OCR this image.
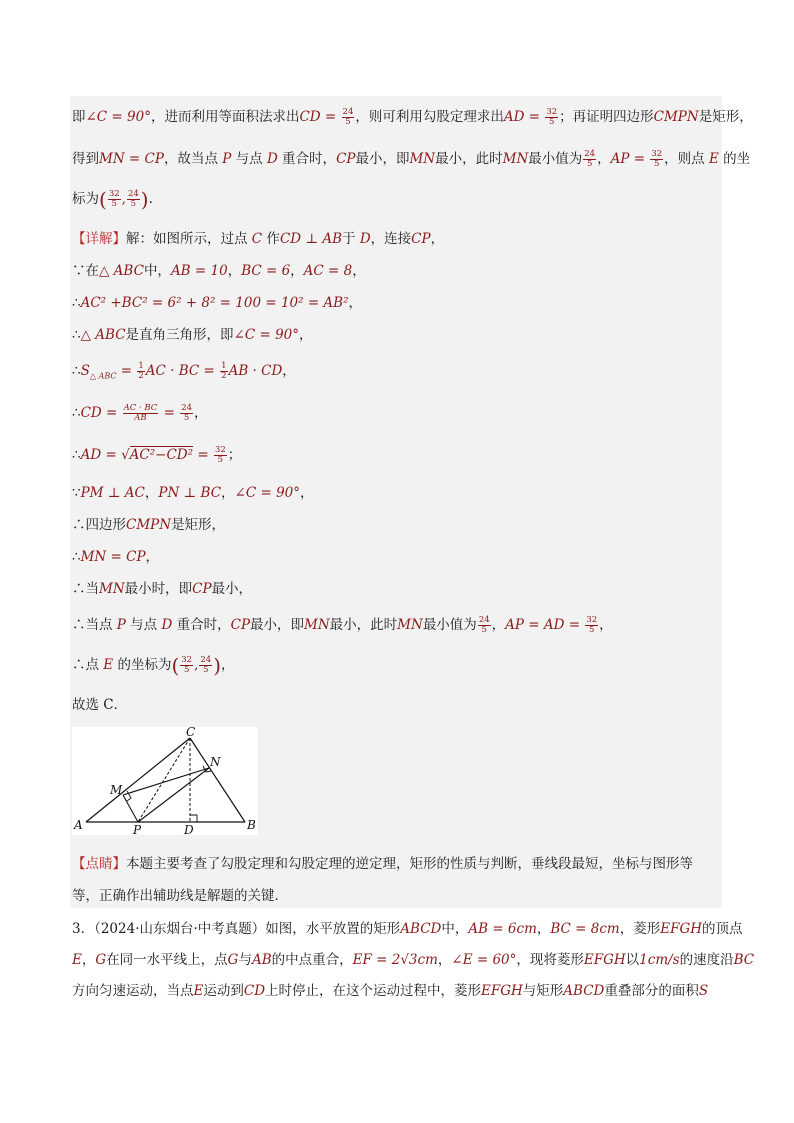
即∠C = 90°，进而利用等面积法求出CD = $\frac{24}{5}$ ，则可利用勾股定理求出AD = $\frac{32}{5}$ ；再证明四边形CMPN是矩形，
得到MN = CP，故当点 P 与点 D 重合时，CP最小，即MN最小，此时MN最小值为 $\frac{24}{5}$ ，AP = $\frac{32}{5}$ ，则点 E 的坐
标为( $\frac{32}{5}$ , $\frac{24}{5}$ ).
【详解】解：如图所示，过点 C 作CD ⊥ AB于 D，连接CP，
∵在△ ABC中，AB = 10，BC = 6，AC = 8，
∴AC² +BC² = 6² + 8² = 100 = 10² = AB²，
∴△ ABC是直角三角形，即∠C = 90°，
$\therefore S_{\triangle ABC} = \frac{1}{2}$ AC · BC = $\frac{1}{2}$ AB · CD，
∴CD = $\frac{AC \cdot BC}{AB} = \frac{24}{5}$ ，
∴AD = $√AC^2-CD^2 = \frac{32}{5}$ ；
∵PM ⊥ AC，PN ⊥ BC，∠C = 90°，
∴四边形CMPN是矩形，
∴MN = CP，
∴当MN最小时，即CP最小，
∴当点 P 与点 D 重合时，CP最小，即MN最小，此时MN最小值为 $\frac{24}{5}$ ，AP = AD = $\frac{32}{5}$ ，
∴点 E 的坐标为( $\frac{32}{5}$ , $\frac{24}{5}$ )，
故选 C．
C
N
M
A	P	D	B
【点睛】本题主要考查了勾股定理和勾股定理的逆定理，矩形的性质与判断，垂线段最短，坐标与图形等
等，正确作出辅助线是解题的关键．
3．（2024·山东烟台·中考真题）如图，水平放置的矩形ABCD中，AB = 6cm，BC = 8cm，菱形EFGH的顶点
E，G在同一水平线上，点G与AB的中点重合，EF = 2√3cm，∠E = 60°，现将菱形EFGH以1cm/s的速度沿BC
方向匀速运动，当点E运动到CD上时停止，在这个运动过程中，菱形EFGH与矩形ABCD重叠部分的面积S
